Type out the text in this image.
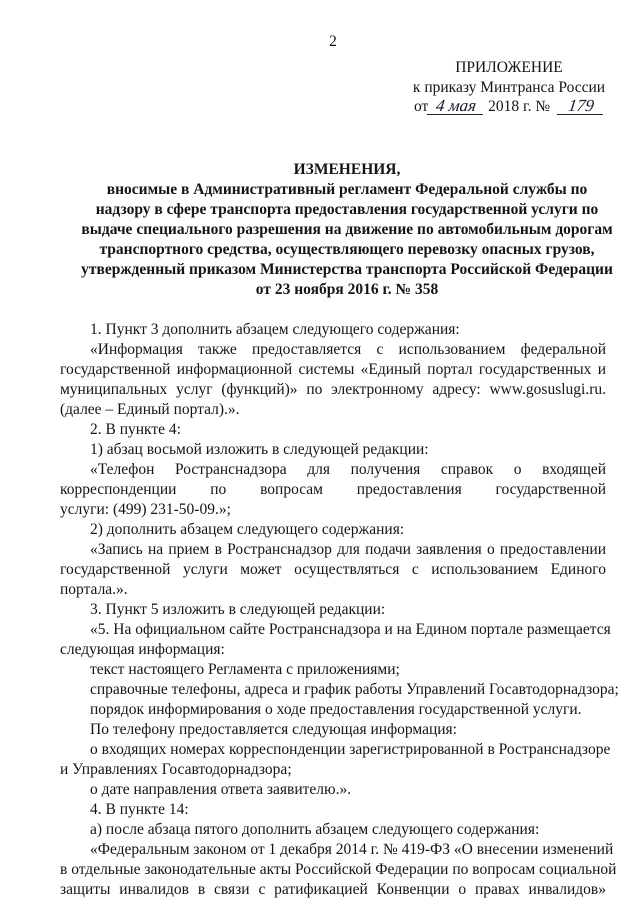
2
ПРИЛОЖЕНИЕ
к приказу Минтранса России
от 4 мая 2018 г. № 179
ИЗМЕНЕНИЯ,
вносимые в Административный регламент Федеральной службы по
надзору в сфере транспорта предоставления государственной услуги по
выдаче специального разрешения на движение по автомобильным дорогам
транспортного средства, осуществляющего перевозку опасных грузов,
утвержденный приказом Министерства транспорта Российской Федерации
от 23 ноября 2016 г. № 358
1. Пункт 3 дополнить абзацем следующего содержания:
«Информация также предоставляется с использованием федеральной
государственной информационной системы «Единый портал государственных и
муниципальных услуг (функций)» по электронному адресу: www.gosuslugi.ru.
(далее – Единый портал).».
2. В пункте 4:
1) абзац восьмой изложить в следующей редакции:
«Телефон Ространснадзора для получения справок о входящей
корреспонденции по вопросам предоставления государственной
услуги: (499) 231-50-09.»;
2) дополнить абзацем следующего содержания:
«Запись на прием в Ространснадзор для подачи заявления о предоставлении
государственной услуги может осуществляться с использованием Единого
портала.».
3. Пункт 5 изложить в следующей редакции:
«5. На официальном сайте Ространснадзора и на Едином портале размещается
следующая информация:
текст настоящего Регламента с приложениями;
справочные телефоны, адреса и график работы Управлений Госавтодорнадзора;
порядок информирования о ходе предоставления государственной услуги.
По телефону предоставляется следующая информация:
о входящих номерах корреспонденции зарегистрированной в Ространснадзоре
и Управлениях Госавтодорнадзора;
о дате направления ответа заявителю.».
4. В пункте 14:
а) после абзаца пятого дополнить абзацем следующего содержания:
«Федеральным законом от 1 декабря 2014 г. № 419-ФЗ «О внесении изменений
в отдельные законодательные акты Российской Федерации по вопросам социальной
защиты инвалидов в связи с ратификацией Конвенции о правах инвалидов»
